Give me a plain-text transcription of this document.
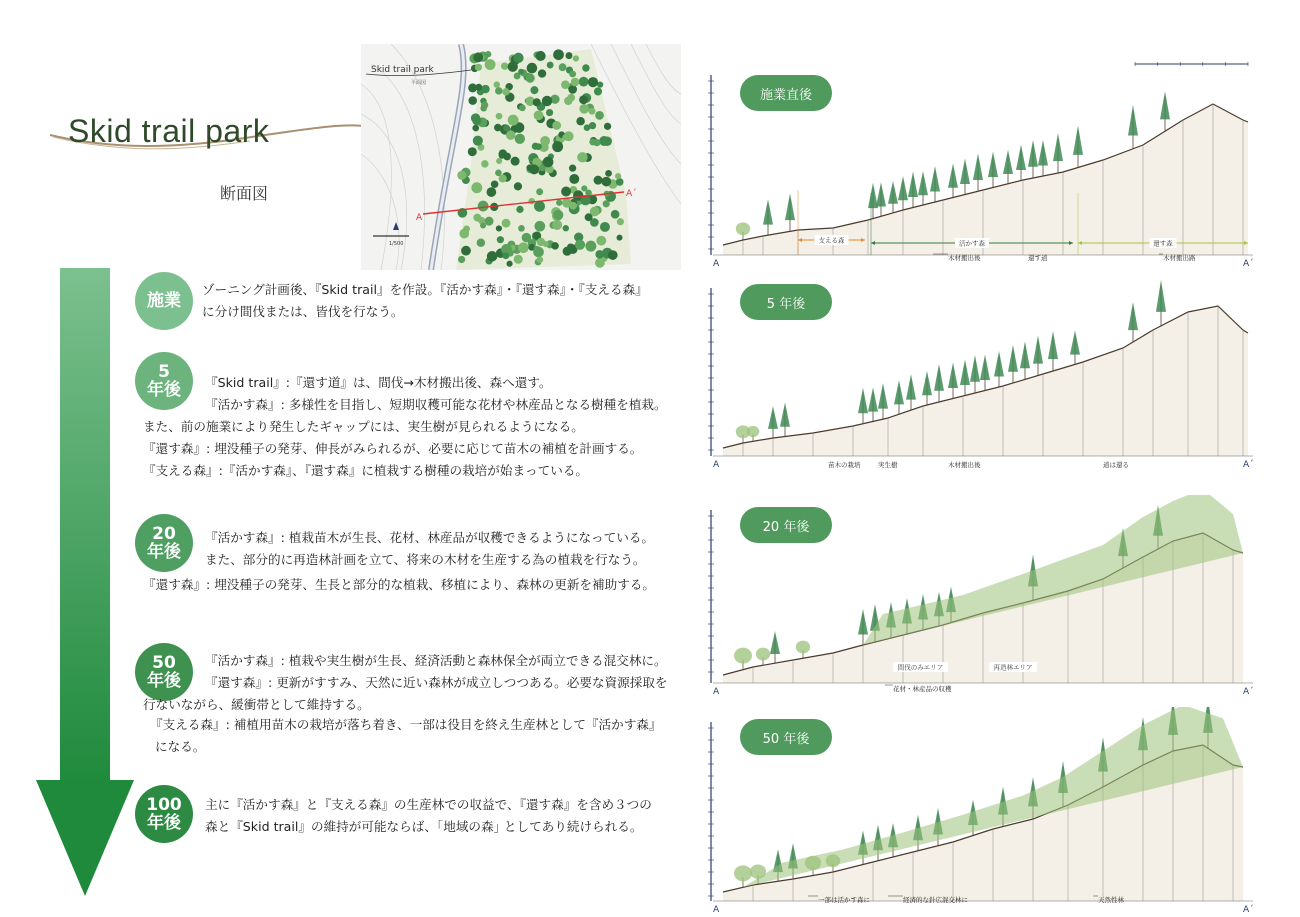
Skid trail park
断面図
A
A´
Skid trail park
平面図
1/500
施業
ゾーニング計画後、『Skid trail』を作設。『活かす森』・『還す森』・『支える森』
に分け間伐または、皆伐を行なう。
5
年後 『Skid trail』:『還す道』は、間伐→木材搬出後、森へ還す。
『活かす森』: 多様性を目指し、短期収穫可能な花材や林産品となる樹種を植栽。
また、前の施業により発生したギャップには、実生樹が見られるようになる。
『還す森』: 埋没種子の発芽、伸長がみられるが、必要に応じて苗木の補植を計画する。
『支える森』:『活かす森』、『還す森』に植栽する樹種の栽培が始まっている。
20
年後
『活かす森』: 植栽苗木が生長、花材、林産品が収穫できるようになっている。
また、部分的に再造林計画を立て、将来の木材を生産する為の植栽を行なう。
『還す森』: 埋没種子の発芽、生長と部分的な植栽、移植により、森林の更新を補助する。
50
年後
『活かす森』: 植栽や実生樹が生長、経済活動と森林保全が両立できる混交林に。
『還す森』: 更新がすすみ、天然に近い森林が成立しつつある。必要な資源採取を
行ないながら、緩衝帯として維持する。
『支える森』: 補植用苗木の栽培が落ち着き、一部は役目を終え生産林として『活かす森』
になる。
100
年後
主に『活かす森』と『支える森』の生産林での収益で、『還す森』を含め３つの
森と『Skid trail』の維持が可能ならば、｢地域の森｣ としてあり続けられる。
A	A´
支える森	活かす森	還す森
木材搬出後	還す道	木材搬出路
施業直後
A	A´
苗木の栽培	実生樹	木材搬出後	道は還る
5 年後
A	A´
間伐のみエリア	再造林エリア
花材・林産品の収穫
20 年後
A	A´
一部は活かす森に	経済的な針広混交林に	天然性林
50 年後
